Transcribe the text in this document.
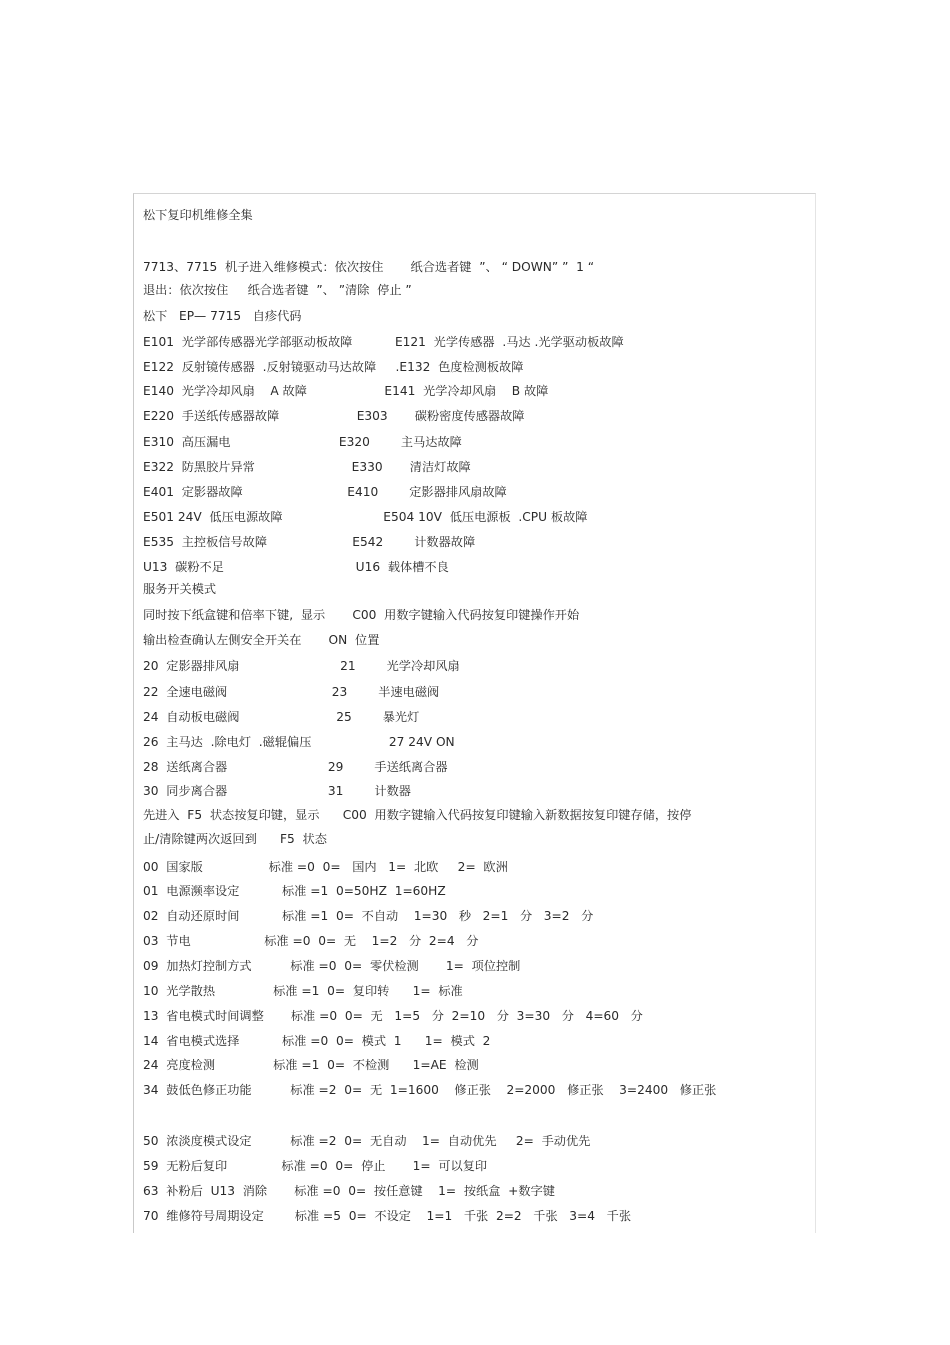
松下复印机维修全集
7713、7715  机子进入维修模式：依次按住       纸合选者键  ”、 “ DOWN” ”  1 “
退出：依次按住     纸合选者键  ”、 ”清除  停止 ”
松下   EP— 7715   自疹代码
E101  光学部传感器光学部驱动板故障           E121  光学传感器  .马达 .光学驱动板故障
E122  反射镜传感器  .反射镜驱动马达故障     .E132  色度检测板故障
E140  光学冷却风扇    A 故障                    E141  光学冷却风扇    B 故障
E220  手送纸传感器故障                    E303       碳粉密度传感器故障
E310  高压漏电                            E320        主马达故障
E322  防黑胶片异常                         E330       清洁灯故障
E401  定影器故障                           E410        定影器排风扇故障
E501 24V  低压电源故障                          E504 10V  低压电源板  .CPU 板故障
E535  主控板信号故障                      E542        计数器故障
U13  碳粉不足                                  U16  载体槽不良
服务开关模式
同时按下纸盒键和倍率下键,  显示       C00  用数字键输入代码按复印键操作开始
输出检查确认左侧安全开关在       ON  位置
20  定影器排风扇                          21        光学冷却风扇
22  全速电磁阀                           23        半速电磁阀
24  自动板电磁阀                         25        暴光灯
26  主马达  .除电灯  .磁辊偏压                    27 24V ON
28  送纸离合器                          29        手送纸离合器
30  同步离合器                          31        计数器
先进入  F5  状态按复印键，显示      C00  用数字键输入代码按复印键输入新数据按复印键存储，按停
止/清除键两次返回到      F5  状态
00  国家版                 标准 =0  0=   国内   1=  北欧     2=  欧洲
01  电源濒率设定           标准 =1  0=50HZ  1=60HZ
02  自动还原时间           标准 =1  0=  不自动    1=30   秒   2=1   分   3=2   分
03  节电                   标准 =0  0=  无    1=2   分  2=4   分
09  加热灯控制方式          标准 =0  0=  零伏检测       1=  项位控制
10  光学散热               标准 =1  0=  复印转      1=  标准
13  省电模式时间调整       标准 =0  0=  无   1=5   分  2=10   分  3=30   分   4=60   分
14  省电模式选择           标准 =0  0=  模式  1      1=  模式  2
24  亮度检测               标准 =1  0=  不检测      1=AE  检测
34  鼓低色修正功能          标准 =2  0=  无  1=1600    修正张    2=2000   修正张    3=2400   修正张
50  浓淡度模式设定          标准 =2  0=  无自动    1=  自动优先     2=  手动优先
59  无粉后复印              标准 =0  0=  停止       1=  可以复印
63  补粉后  U13  消除       标准 =0  0=  按任意键    1=  按纸盒  +数字键
70  维修符号周期设定        标准 =5  0=  不设定    1=1   千张  2=2   千张   3=4   千张
